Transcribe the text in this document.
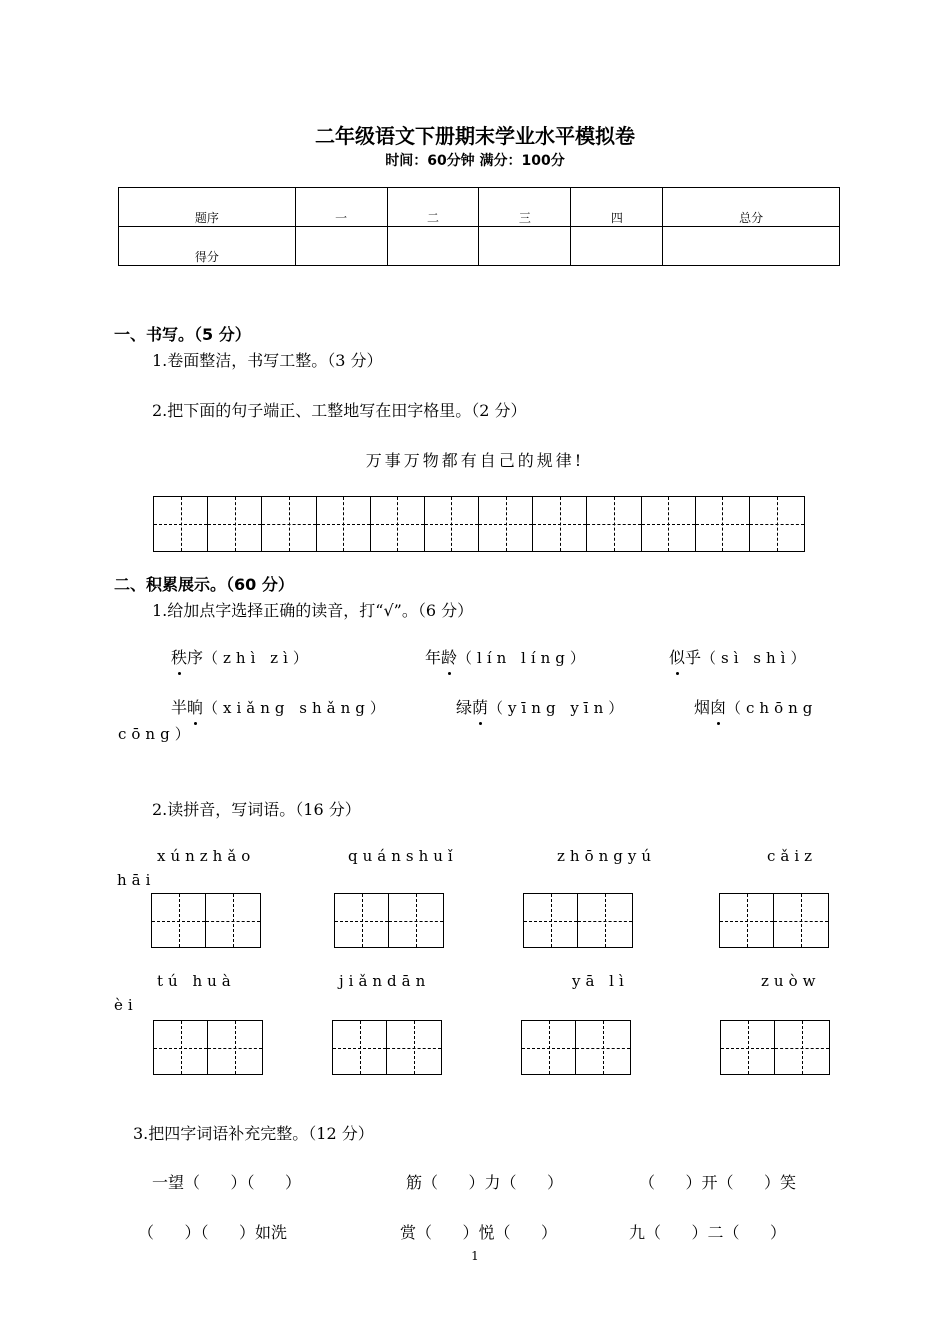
二年级语文下册期末学业水平模拟卷
时间：60分钟 满分：100分
题序	一	二	三	四	总分
得分					
一、书写。（5 分）
1.卷面整洁，书写工整。（3 分）
2.把下面的句子端正、工整地写在田字格里。（2 分）
万事万物都有自己的规律!
二、积累展示。（60 分）
1.给加点字选择正确的读音，打“√”。（6 分）
秩序（zhì zì）	年龄（lín líng）	似乎（sì shì）
半晌（xiǎng shǎng）	绿荫（yīng yīn）	烟囱（chōng
cōng）
2.读拼音，写词语。（16 分）
xúnzhǎo	quánshuǐ	zhōngyú	cǎiz
hāi
tú huà	jiǎndān	yā lì	zuòw
èi
3.把四字词语补充完整。（12 分）
一望（      ）（      ）	筋（      ）力（      ）	（      ）开（      ）笑
（      ）（      ）如洗	赏（      ）悦（      ）	九（      ）二（      ）
1
